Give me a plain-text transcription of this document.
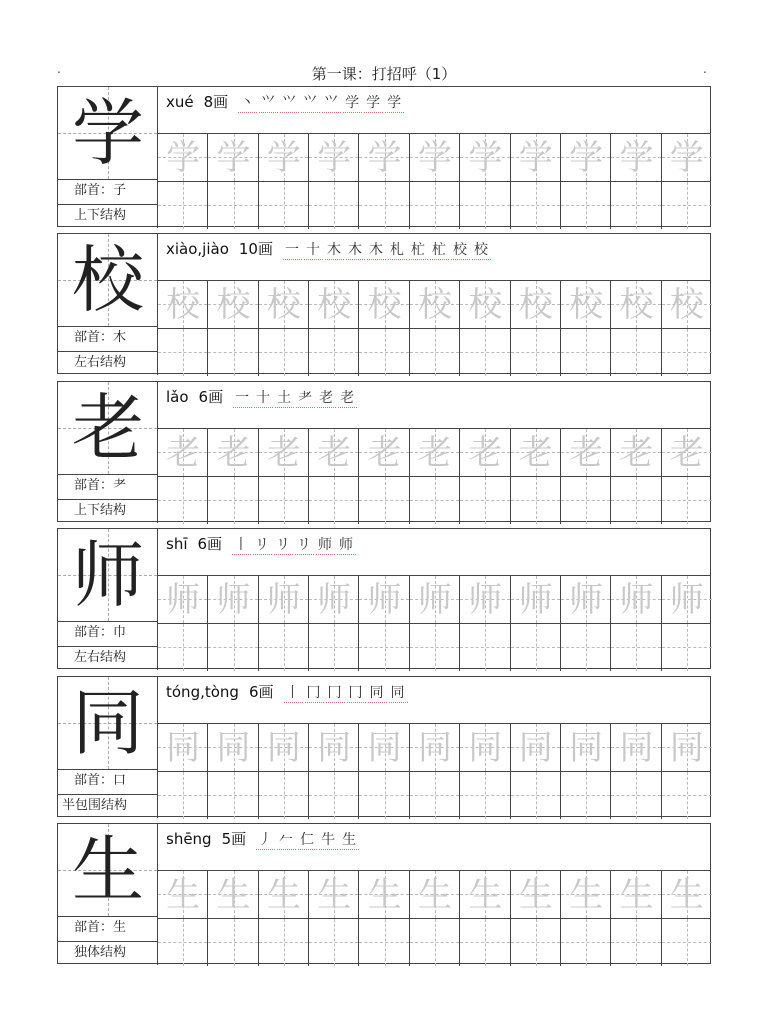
第一课：打招呼（1）
.	.
学
部首：子
上下结构
xué 8画 丶 ⺍ ⺍ ⺍ ⺍ 学 学 学
学 学 学 学 学 学 学 学 学 学 学
校
部首：木
左右结构
xiào,jiào 10画 一 十 木 木 木 札 杧 杧 校 校
校 校 校 校 校 校 校 校 校 校 校
老
部首：耂
上下结构
lǎo 6画 一 十 土 耂 老 老
老 老 老 老 老 老 老 老 老 老 老
师
部首：巾
左右结构
shī 6画 丨 リ リ リ 师 师
师 师 师 师 师 师 师 师 师 师 师
同
部首：口
半包围结构
tóng,tòng 6画 丨 冂 冂 冂 同 同
同 同 同 同 同 同 同 同 同 同 同
生
部首：生
独体结构
shēng 5画 丿 𠂉 仁 牛 生
生 生 生 生 生 生 生 生 生 生 生
